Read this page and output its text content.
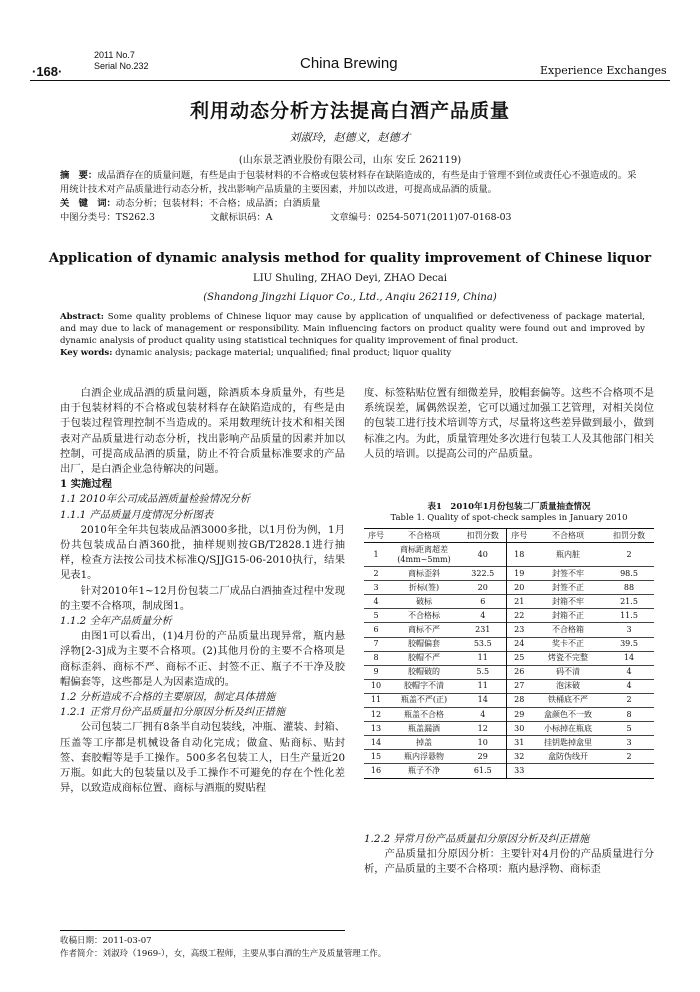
·168·
2011 No.7
Serial No.232	China Brewing	Experience Exchanges
利用动态分析方法提高白酒产品质量
刘淑玲，赵德义，赵德才
(山东景芝酒业股份有限公司，山东 安丘 262119)
摘　要：成品酒存在的质量问题，有些是由于包装材料的不合格或包装材料存在缺陷造成的，有些是由于管理不到位或责任心不强造成的。采用统计技术对产品质量进行动态分析，找出影响产品质量的主要因素，并加以改进，可提高成品酒的质量。
关　键　词：动态分析；包装材料；不合格；成品酒；白酒质量
中图分类号：TS262.3	文献标识码：A	文章编号：0254-5071(2011)07-0168-03
Application of dynamic analysis method for quality improvement of Chinese liquor
LIU Shuling, ZHAO Deyi, ZHAO Decai
(Shandong Jingzhi Liquor Co., Ltd., Anqiu 262119, China)
Abstract: Some quality problems of Chinese liquor may cause by application of unqualified or defectiveness of package material, and may due to lack of management or responsibility. Main influencing factors on product quality were found out and improved by dynamic analysis of product quality using statistical techniques for quality improvement of final product.
Key words: dynamic analysis; package material; unqualified; final product; liquor quality

白酒企业成品酒的质量问题，除酒质本身质量外，有些是由于包装材料的不合格或包装材料存在缺陷造成的，有些是由于包装过程管理控制不当造成的。采用数理统计技术和相关图表对产品质量进行动态分析，找出影响产品质量的因素并加以控制，可提高成品酒的质量，防止不符合质量标准要求的产品出厂，是白酒企业急待解决的问题。

1 实施过程

1.1 2010年公司成品酒质量检验情况分析

1.1.1 产品质量月度情况分析图表

2010年全年共包装成品酒3000多批，以1月份为例，1月份共包装成品白酒360批，抽样规则按GB/T2828.1进行抽样，检查方法按公司技术标准Q/SJJG15-06-2010执行，结果见表1。

针对2010年1~12月份包装二厂成品白酒抽查过程中发现的主要不合格项，制成图1。

1.1.2 全年产品质量分析

由图1可以看出，(1)4月份的产品质量出现异常，瓶内悬浮物[2-3]成为主要不合格项。(2)其他月份的主要不合格项是商标歪斜、商标不严、商标不正、封签不正、瓶子不干净及胶帽偏套等，这些都是人为因素造成的。

1.2 分析造成不合格的主要原因，制定具体措施

1.2.1 正常月份产品质量扣分原因分析及纠正措施

公司包装二厂拥有8条半自动包装线，冲瓶、灌装、封箱、压盖等工序都是机械设备自动化完成；做盒、贴商标、贴封签、套胶帽等是手工操作。500多名包装工人，日生产量近20万瓶。如此大的包装量以及手工操作不可避免的存在个性化差异，以致造成商标位置、商标与酒瓶的熨贴程

度、标签粘贴位置有细微差异，胶帽套偏等。这些不合格项不是系统误差，属偶然误差，它可以通过加强工艺管理，对相关岗位的包装工进行技术培训等方式，尽量将这些差异做到最小，做到标准之内。为此，质量管理处多次进行包装工人及其他部门相关人员的培训。以提高公司的产品质量。

表1　2010年1月份包装二厂质量抽查情况
Table 1. Quality of spot-check samples in January 2010
序号	不合格项	扣罚分数	序号	不合格项	扣罚分数
1	商标距离超差(4mm~5mm)	40	18	瓶内脏	2
2	商标歪斜	322.5	19	封签不牢	98.5
3	折标(签)	20	20	封签不正	88
4	破标	6	21	封箱不牢	21.5
5	不合格标	4	22	封箱不正	11.5
6	商标不严	231	23	不合格箱	3
7	胶帽偏套	53.5	24	奖卡不正	39.5
8	胶帽不严	11	25	烤瓷不完整	14
9	胶帽破的	5.5	26	码不清	4
10	胶帽字不清	11	27	泡沫破	4
11	瓶盖不严(正)	14	28	铁桶底不严	2
12	瓶盖不合格	4	29	盒颜色不一致	8
13	瓶盖漏酒	12	30	小标掉在瓶底	5
14	掉盖	10	31	挂钥匙掉盒里	3
15	瓶内浮悬物	29	32	盒防伪线开	2
16	瓶子不净	61.5	33		

1.2.2 异常月份产品质量扣分原因分析及纠正措施

产品质量扣分原因分析：主要针对4月份的产品质量进行分析，产品质量的主要不合格项：瓶内悬浮物、商标歪

收稿日期：2011-03-07
作者简介：刘淑玲（1969-），女，高级工程师，主要从事白酒的生产及质量管理工作。
